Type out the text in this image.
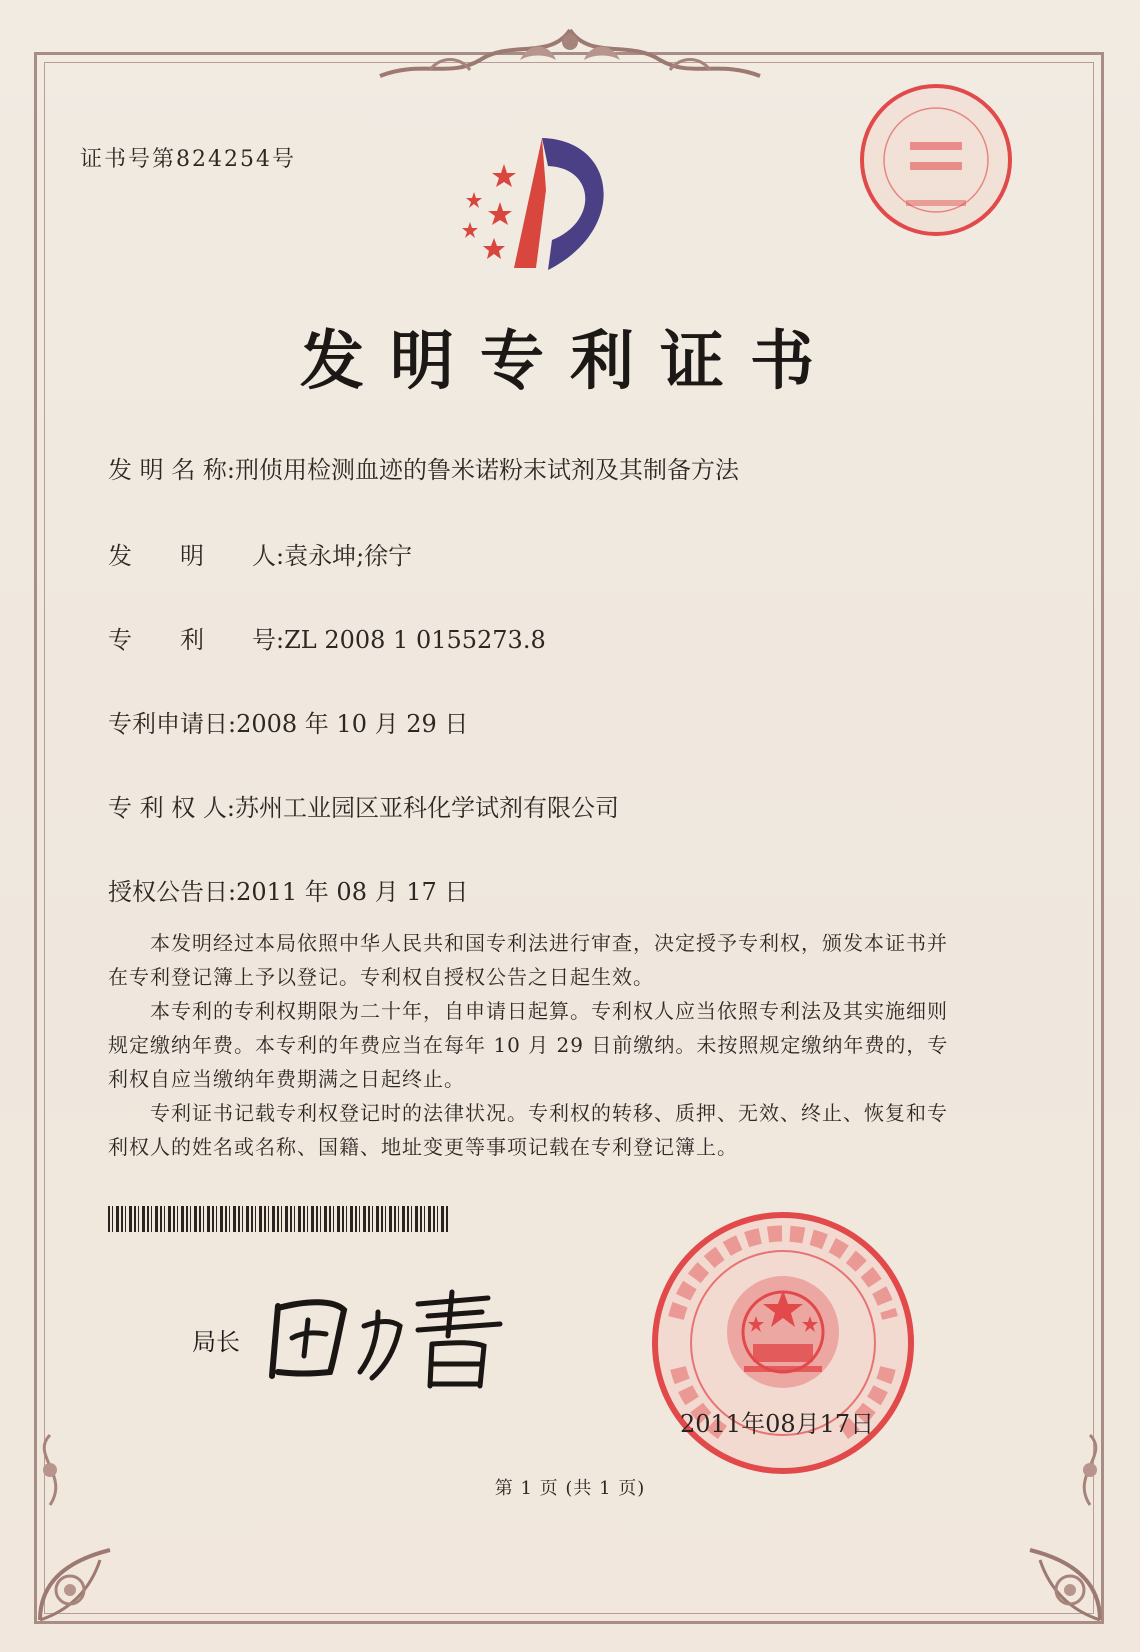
证书号第824254号
发明专利证书
发 明 名 称:刑侦用检测血迹的鲁米诺粉末试剂及其制备方法
发　　明　　人:袁永坤;徐宁
专　　利　　号:ZL 2008 1 0155273.8
专利申请日:2008 年 10 月 29 日
专 利 权 人:苏州工业园区亚科化学试剂有限公司
授权公告日:2011 年 08 月 17 日

本发明经过本局依照中华人民共和国专利法进行审查，决定授予专利权，颁发本证书并在专利登记簿上予以登记。专利权自授权公告之日起生效。

本专利的专利权期限为二十年，自申请日起算。专利权人应当依照专利法及其实施细则规定缴纳年费。本专利的年费应当在每年 10 月 29 日前缴纳。未按照规定缴纳年费的，专利权自应当缴纳年费期满之日起终止。

专利证书记载专利权登记时的法律状况。专利权的转移、质押、无效、终止、恢复和专利权人的姓名或名称、国籍、地址变更等事项记载在专利登记簿上。

局长
2011年08月17日
第 1 页 (共 1 页)
